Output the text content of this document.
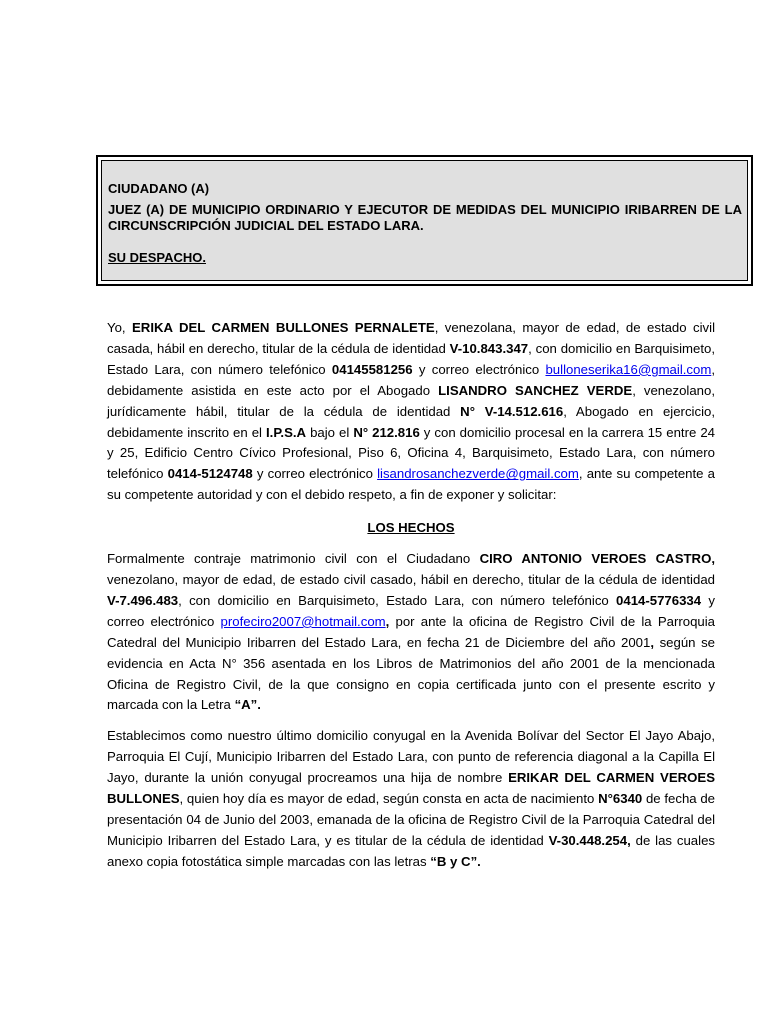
CIUDADANO (A)

JUEZ (A) DE MUNICIPIO ORDINARIO Y EJECUTOR DE MEDIDAS DEL MUNICIPIO IRIBARREN DE LA CIRCUNSCRIPCIÓN JUDICIAL DEL ESTADO LARA.

SU DESPACHO.

Yo, ERIKA DEL CARMEN BULLONES PERNALETE, venezolana, mayor de edad, de estado civil casada, hábil en derecho, titular de la cédula de identidad V-10.843.347, con domicilio en Barquisimeto, Estado Lara, con número telefónico 04145581256 y correo electrónico bulloneserika16@gmail.com, debidamente asistida en este acto por el Abogado LISANDRO SANCHEZ VERDE, venezolano, jurídicamente hábil, titular de la cédula de identidad N° V-14.512.616, Abogado en ejercicio, debidamente inscrito en el I.P.S.A bajo el N° 212.816 y con domicilio procesal en la carrera 15 entre 24 y 25, Edificio Centro Cívico Profesional, Piso 6, Oficina 4, Barquisimeto, Estado Lara, con número telefónico 0414-5124748 y correo electrónico lisandrosanchezverde@gmail.com, ante su competente a su competente autoridad y con el debido respeto, a fin de exponer y solicitar:

LOS HECHOS

Formalmente contraje matrimonio civil con el Ciudadano CIRO ANTONIO VEROES CASTRO, venezolano, mayor de edad, de estado civil casado, hábil en derecho, titular de la cédula de identidad V-7.496.483, con domicilio en Barquisimeto, Estado Lara, con número telefónico 0414-5776334 y correo electrónico profeciro2007@hotmail.com, por ante la oficina de Registro Civil de la Parroquia Catedral del Municipio Iribarren del Estado Lara, en fecha 21 de Diciembre del año 2001, según se evidencia en Acta N° 356 asentada en los Libros de Matrimonios del año 2001 de la mencionada Oficina de Registro Civil, de la que consigno en copia certificada junto con el presente escrito y marcada con la Letra “A”.

Establecimos como nuestro último domicilio conyugal en la Avenida Bolívar del Sector El Jayo Abajo, Parroquia El Cují, Municipio Iribarren del Estado Lara, con punto de referencia diagonal a la Capilla El Jayo, durante la unión conyugal procreamos una hija de nombre ERIKAR DEL CARMEN VEROES BULLONES, quien hoy día es mayor de edad, según consta en acta de nacimiento N°6340 de fecha de presentación 04 de Junio del 2003, emanada de la oficina de Registro Civil de la Parroquia Catedral del Municipio Iribarren del Estado Lara, y es titular de la cédula de identidad V-30.448.254, de las cuales anexo copia fotostática simple marcadas con las letras “B y C”.
